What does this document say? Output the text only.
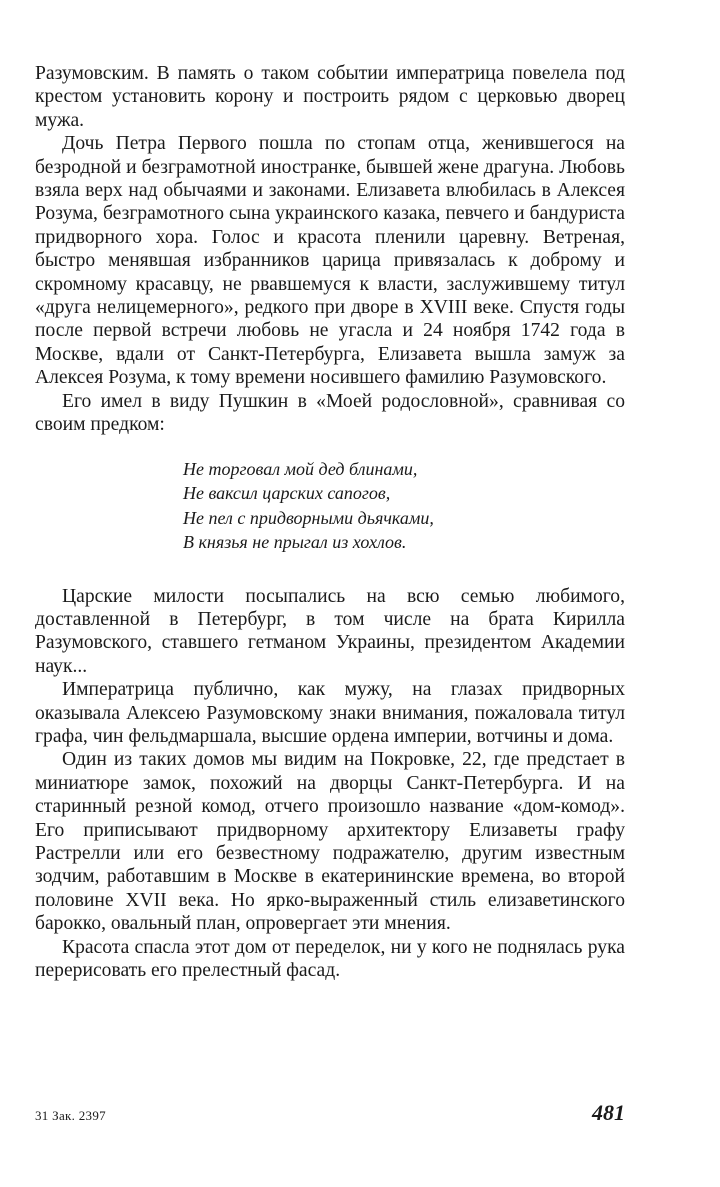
Разумовским. В память о таком событии императрица повелела под крестом установить корону и построить рядом с церковью дворец мужа.

Дочь Петра Первого пошла по стопам отца, женившегося на безродной и безграмотной иностранке, бывшей жене драгуна. Любовь взяла верх над обычаями и законами. Елизавета влюбилась в Алексея Розума, безграмотного сына украинского казака, певчего и бандуриста придворного хора. Голос и красота пленили царевну. Ветреная, быстро менявшая избранников царица привязалась к доброму и скромному красавцу, не рвавшемуся к власти, заслужившему титул «друга нелицемерного», редкого при дворе в XVIII веке. Спустя годы после первой встречи любовь не угасла и 24 ноября 1742 года в Москве, вдали от Санкт-Петербурга, Елизавета вышла замуж за Алексея Розума, к тому времени носившего фамилию Разумовского.

Его имел в виду Пушкин в «Моей родословной», сравнивая со своим предком:

Не торговал мой дед блинами,
Не ваксил царских сапогов,
Не пел с придворными дьячками,
В князья не прыгал из хохлов.

Царские милости посыпались на всю семью любимого, доставленной в Петербург, в том числе на брата Кирилла Разумовского, ставшего гетманом Украины, президентом Академии наук...

Императрица публично, как мужу, на глазах придворных оказывала Алексею Разумовскому знаки внимания, пожаловала титул графа, чин фельдмаршала, высшие ордена империи, вотчины и дома.

Один из таких домов мы видим на Покровке, 22, где предстает в миниатюре замок, похожий на дворцы Санкт-Петербурга. И на старинный резной комод, отчего произошло название «дом-комод». Его приписывают придворному архитектору Елизаветы графу Растрелли или его безвестному подражателю, другим известным зодчим, работавшим в Москве в екатерининские времена, во второй половине XVII века. Но ярко-выраженный стиль елизаветинского барокко, овальный план, опровергает эти мнения.

Красота спасла этот дом от переделок, ни у кого не поднялась рука перерисовать его прелестный фасад.

31 Зак. 2397	481
